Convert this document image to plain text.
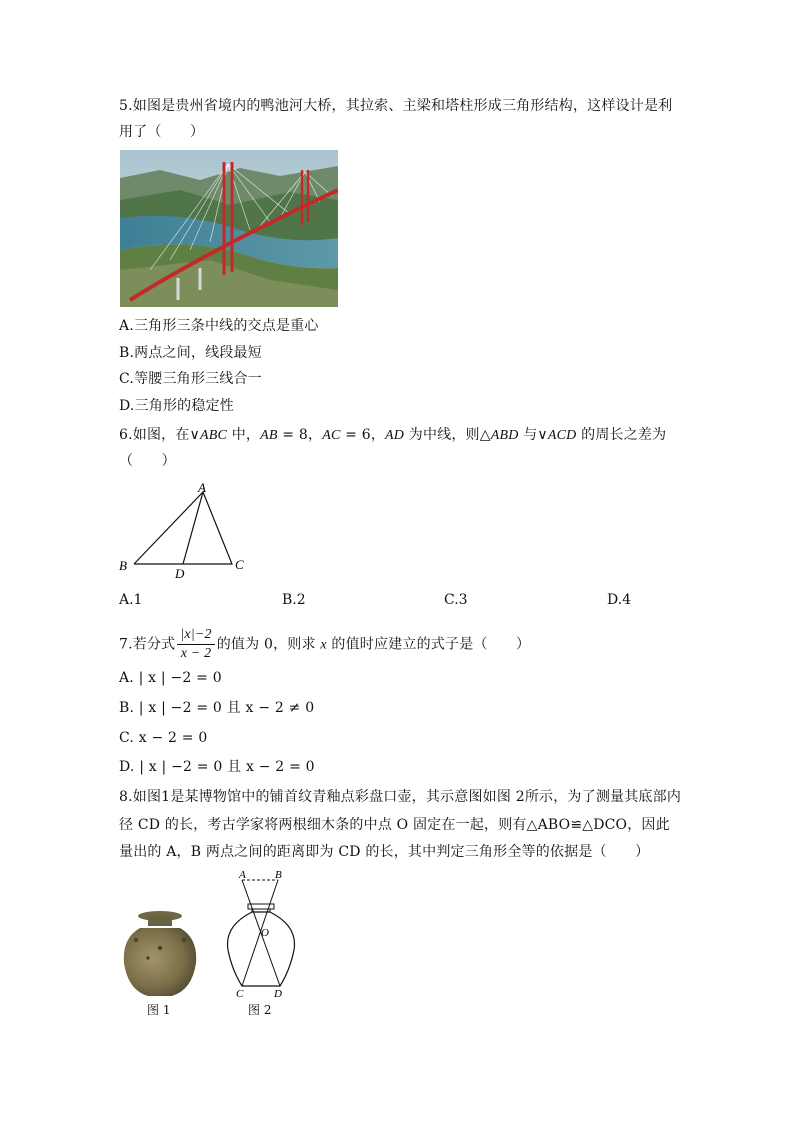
5.如图是贵州省境内的鸭池河大桥，其拉索、主梁和塔柱形成三角形结构，这样设计是利
用了（　　）
A.三角形三条中线的交点是重心
B.两点之间，线段最短
C.等腰三角形三线合一
D.三角形的稳定性
6.如图，在∨ABC 中，AB = 8，AC = 6，AD 为中线，则△ABD 与∨ACD 的周长之差为
（　　）
A
B	C
D
A.1	B.2	C.3	D.4
7.若分式 $\frac{|x|-2}{x - 2}$ 的值为 0，则求 x 的值时应建立的式子是（　　）
A. | x | −2 = 0
B. | x | −2 = 0 且 x − 2 ≠ 0
C. x − 2 = 0
D. | x | −2 = 0 且 x − 2 = 0
8.如图1是某博物馆中的铺首纹青釉点彩盘口壶，其示意图如图 2所示，为了测量其底部内
径 CD 的长，考古学家将两根细木条的中点 O 固定在一起，则有△ABO≌△DCO，因此
量出的 A，B 两点之间的距离即为 CD 的长，其中判定三角形全等的依据是（　　）
图 1
A	B
O
C	D
图 2
